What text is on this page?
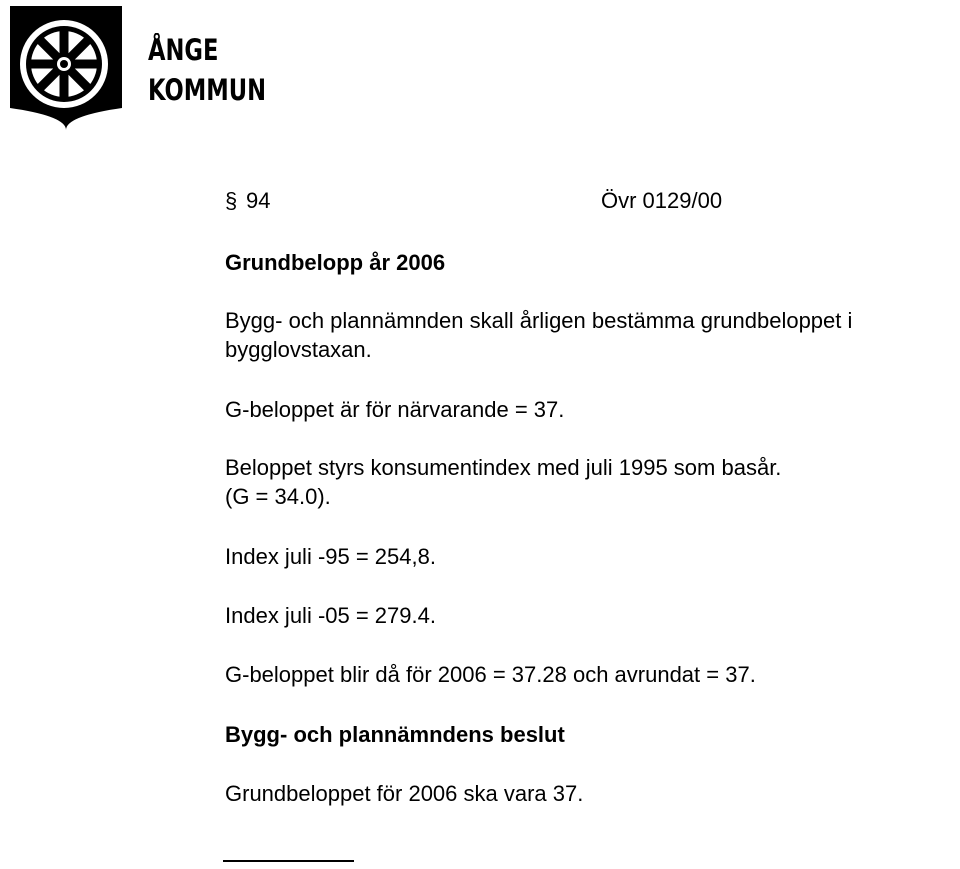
ÅNGE
KOMMUN
§ 94	Övr 0129/00

Grundbelopp år 2006

Bygg- och plannämnden skall årligen bestämma grundbeloppet i

bygglovstaxan.

G-beloppet är för närvarande = 37.

Beloppet styrs konsumentindex med juli 1995 som basår.

(G = 34.0).

Index juli -95 = 254,8.

Index juli -05 = 279.4.

G-beloppet blir då för 2006 = 37.28 och avrundat = 37.

Bygg- och plannämndens beslut

Grundbeloppet för 2006 ska vara 37.
